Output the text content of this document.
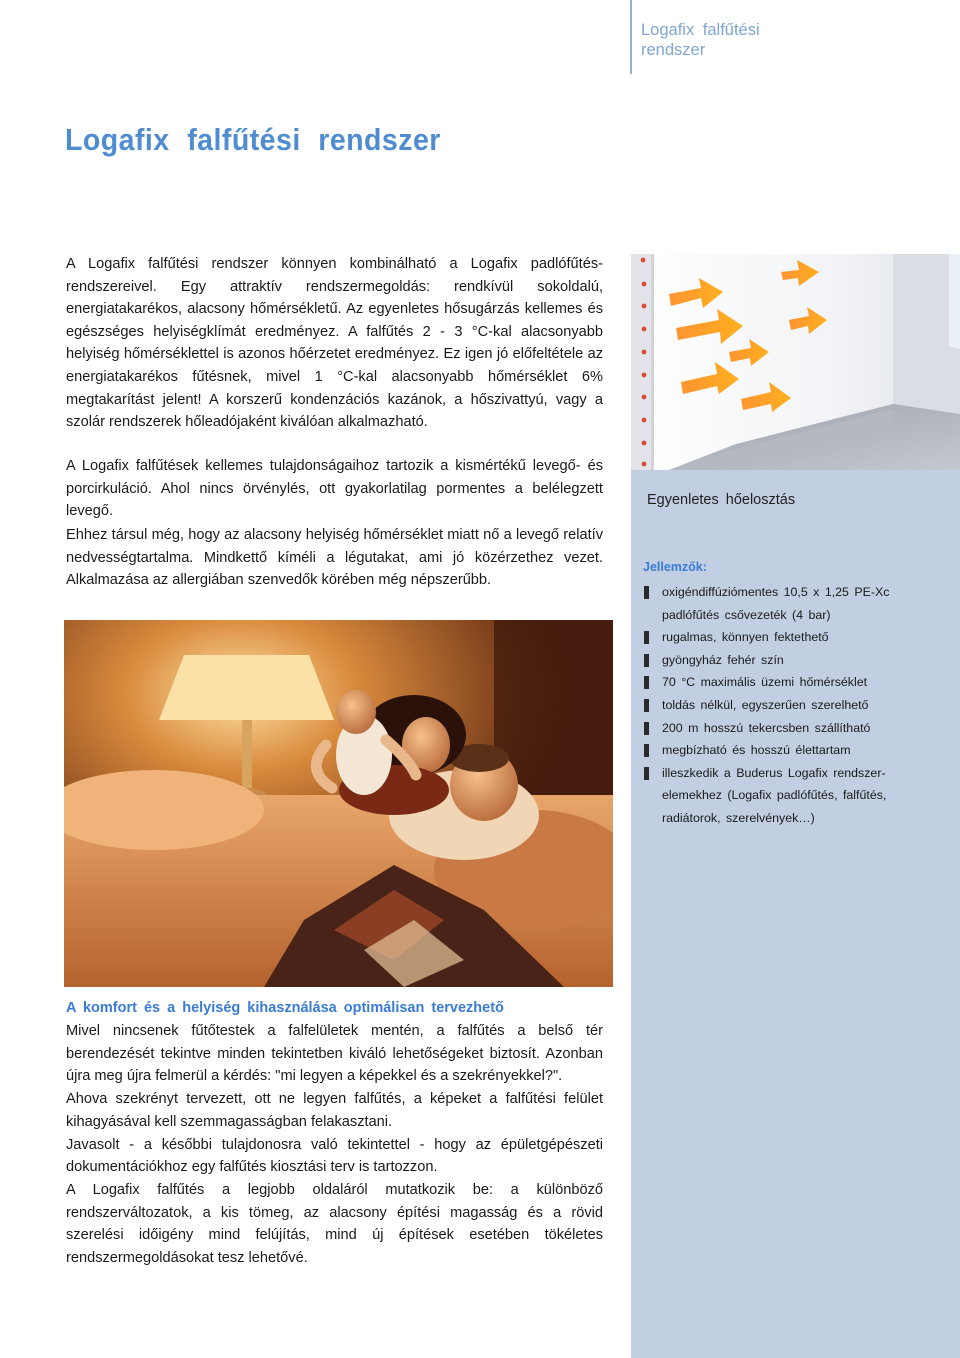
Logafix falfűtési rendszer
Logafix falfűtési rendszer

A Logafix falfűtési rendszer könnyen kombinálható a Logafix padlófűtésrendszereivel. Egy attraktív rendszermegoldás: rendkívül sokoldalú, energiatakarékos, alacsony hőmérsékletű. Az egyenletes hősugárzás kellemes és egészséges helyiségklímát eredményez. A falfűtés 2 - 3 °C-kal alacsonyabb helyiség hőmérséklettel is azonos hőérzetet eredményez. Ez igen jó előfeltétele az energiatakarékos fűtésnek, mivel 1 °C-kal alacsonyabb hőmérséklet 6% megtakarítást jelent! A korszerű kondenzációs kazánok, a hőszivattyú, vagy a szolár rendszerek hőleadójaként kiválóan alkalmazható.

A Logafix falfűtések kellemes tulajdonságaihoz tartozik a kismértékű levegő- és porcirkuláció. Ahol nincs örvénylés, ott gyakorlatilag pormentes a belélegzett levegő.

Ehhez társul még, hogy az alacsony helyiség hőmérséklet miatt nő a levegő relatív nedvességtartalma. Mindkettő kíméli a légutakat, ami jó közérzethez vezet. Alkalmazása az allergiában szenvedők körében még népszerűbb.

Egyenletes hőelosztás
Jellemzők:
oxigéndiffúziómentes 10,5 x 1,25 PE-Xc
padlófűtés csővezeték (4 bar)
rugalmas, könnyen fektethető
gyöngyház fehér szín
70 °C maximális üzemi hőmérséklet
toldás nélkül, egyszerűen szerelhető
200 m hosszú tekercsben szállítható
megbízható és hosszú élettartam
illeszkedik a Buderus Logafix rendszer-
elemekhez (Logafix padlófűtés, falfűtés,
radiátorok, szerelvények…)
A komfort és a helyiség kihasználása optimálisan tervezhető

Mivel nincsenek fűtőtestek a falfelületek mentén, a falfűtés a belső tér berendezését tekintve minden tekintetben kiváló lehetőségeket biztosít. Azonban újra meg újra felmerül a kérdés: "mi legyen a képekkel és a szekrényekkel?".

Ahova szekrényt tervezett, ott ne legyen falfűtés, a képeket a falfűtési felület kihagyásával kell szemmagasságban felakasztani.

Javasolt - a későbbi tulajdonosra való tekintettel - hogy az épületgépészeti dokumentációkhoz egy falfűtés kiosztási terv is tartozzon.

A Logafix falfűtés a legjobb oldaláról mutatkozik be: a különböző rendszerváltozatok, a kis tömeg, az alacsony építési magasság és a rövid szerelési időigény mind felújítás, mind új építések esetében tökéletes rendszermegoldásokat tesz lehetővé.
